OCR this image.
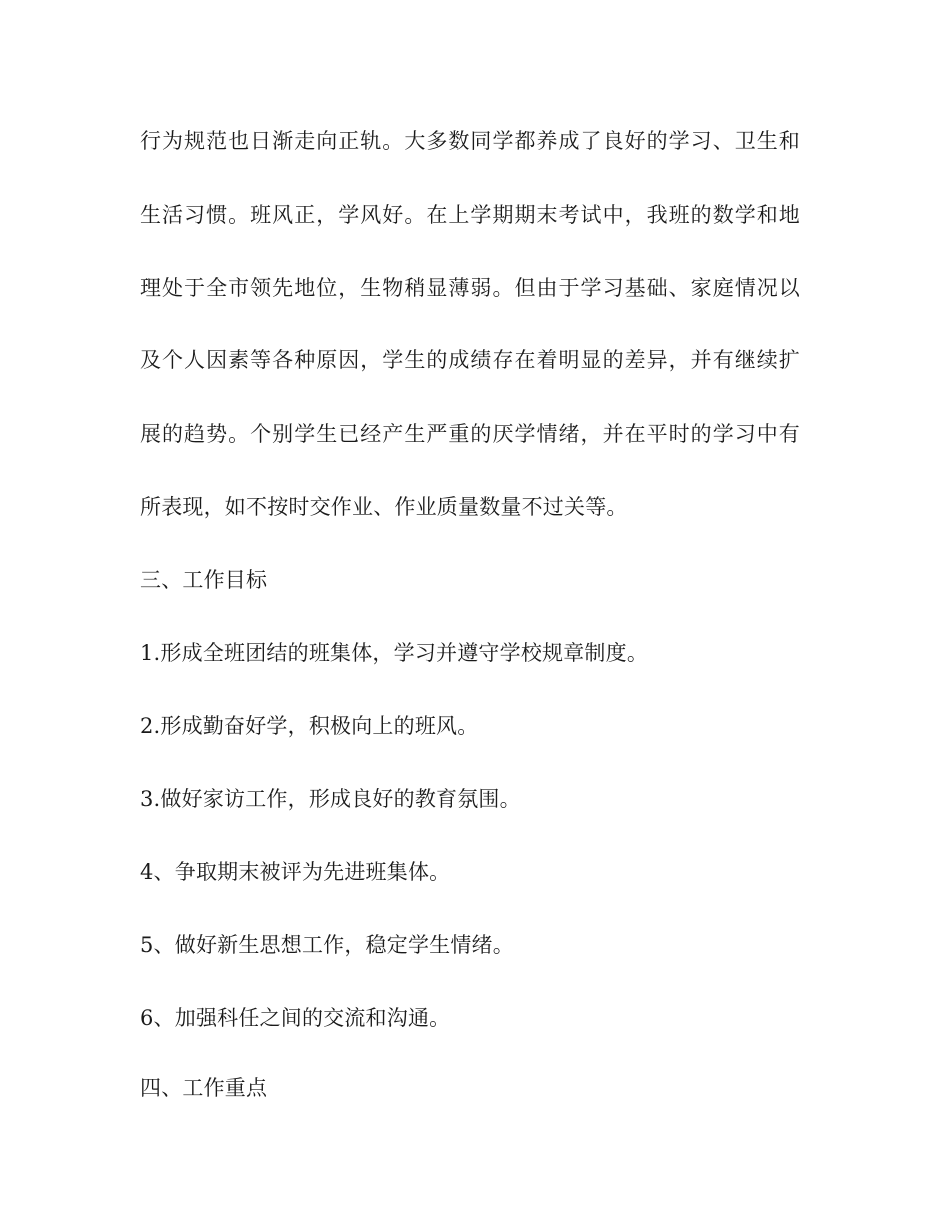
行为规范也日渐走向正轨。大多数同学都养成了良好的学习、卫生和
生活习惯。班风正，学风好。在上学期期末考试中，我班的数学和地
理处于全市领先地位，生物稍显薄弱。但由于学习基础、家庭情况以
及个人因素等各种原因，学生的成绩存在着明显的差异，并有继续扩
展的趋势。个别学生已经产生严重的厌学情绪，并在平时的学习中有
所表现，如不按时交作业、作业质量数量不过关等。
三、工作目标
1.形成全班团结的班集体，学习并遵守学校规章制度。
2.形成勤奋好学，积极向上的班风。
3.做好家访工作，形成良好的教育氛围。
4、争取期末被评为先进班集体。
5、做好新生思想工作，稳定学生情绪。
6、加强科任之间的交流和沟通。
四、工作重点
